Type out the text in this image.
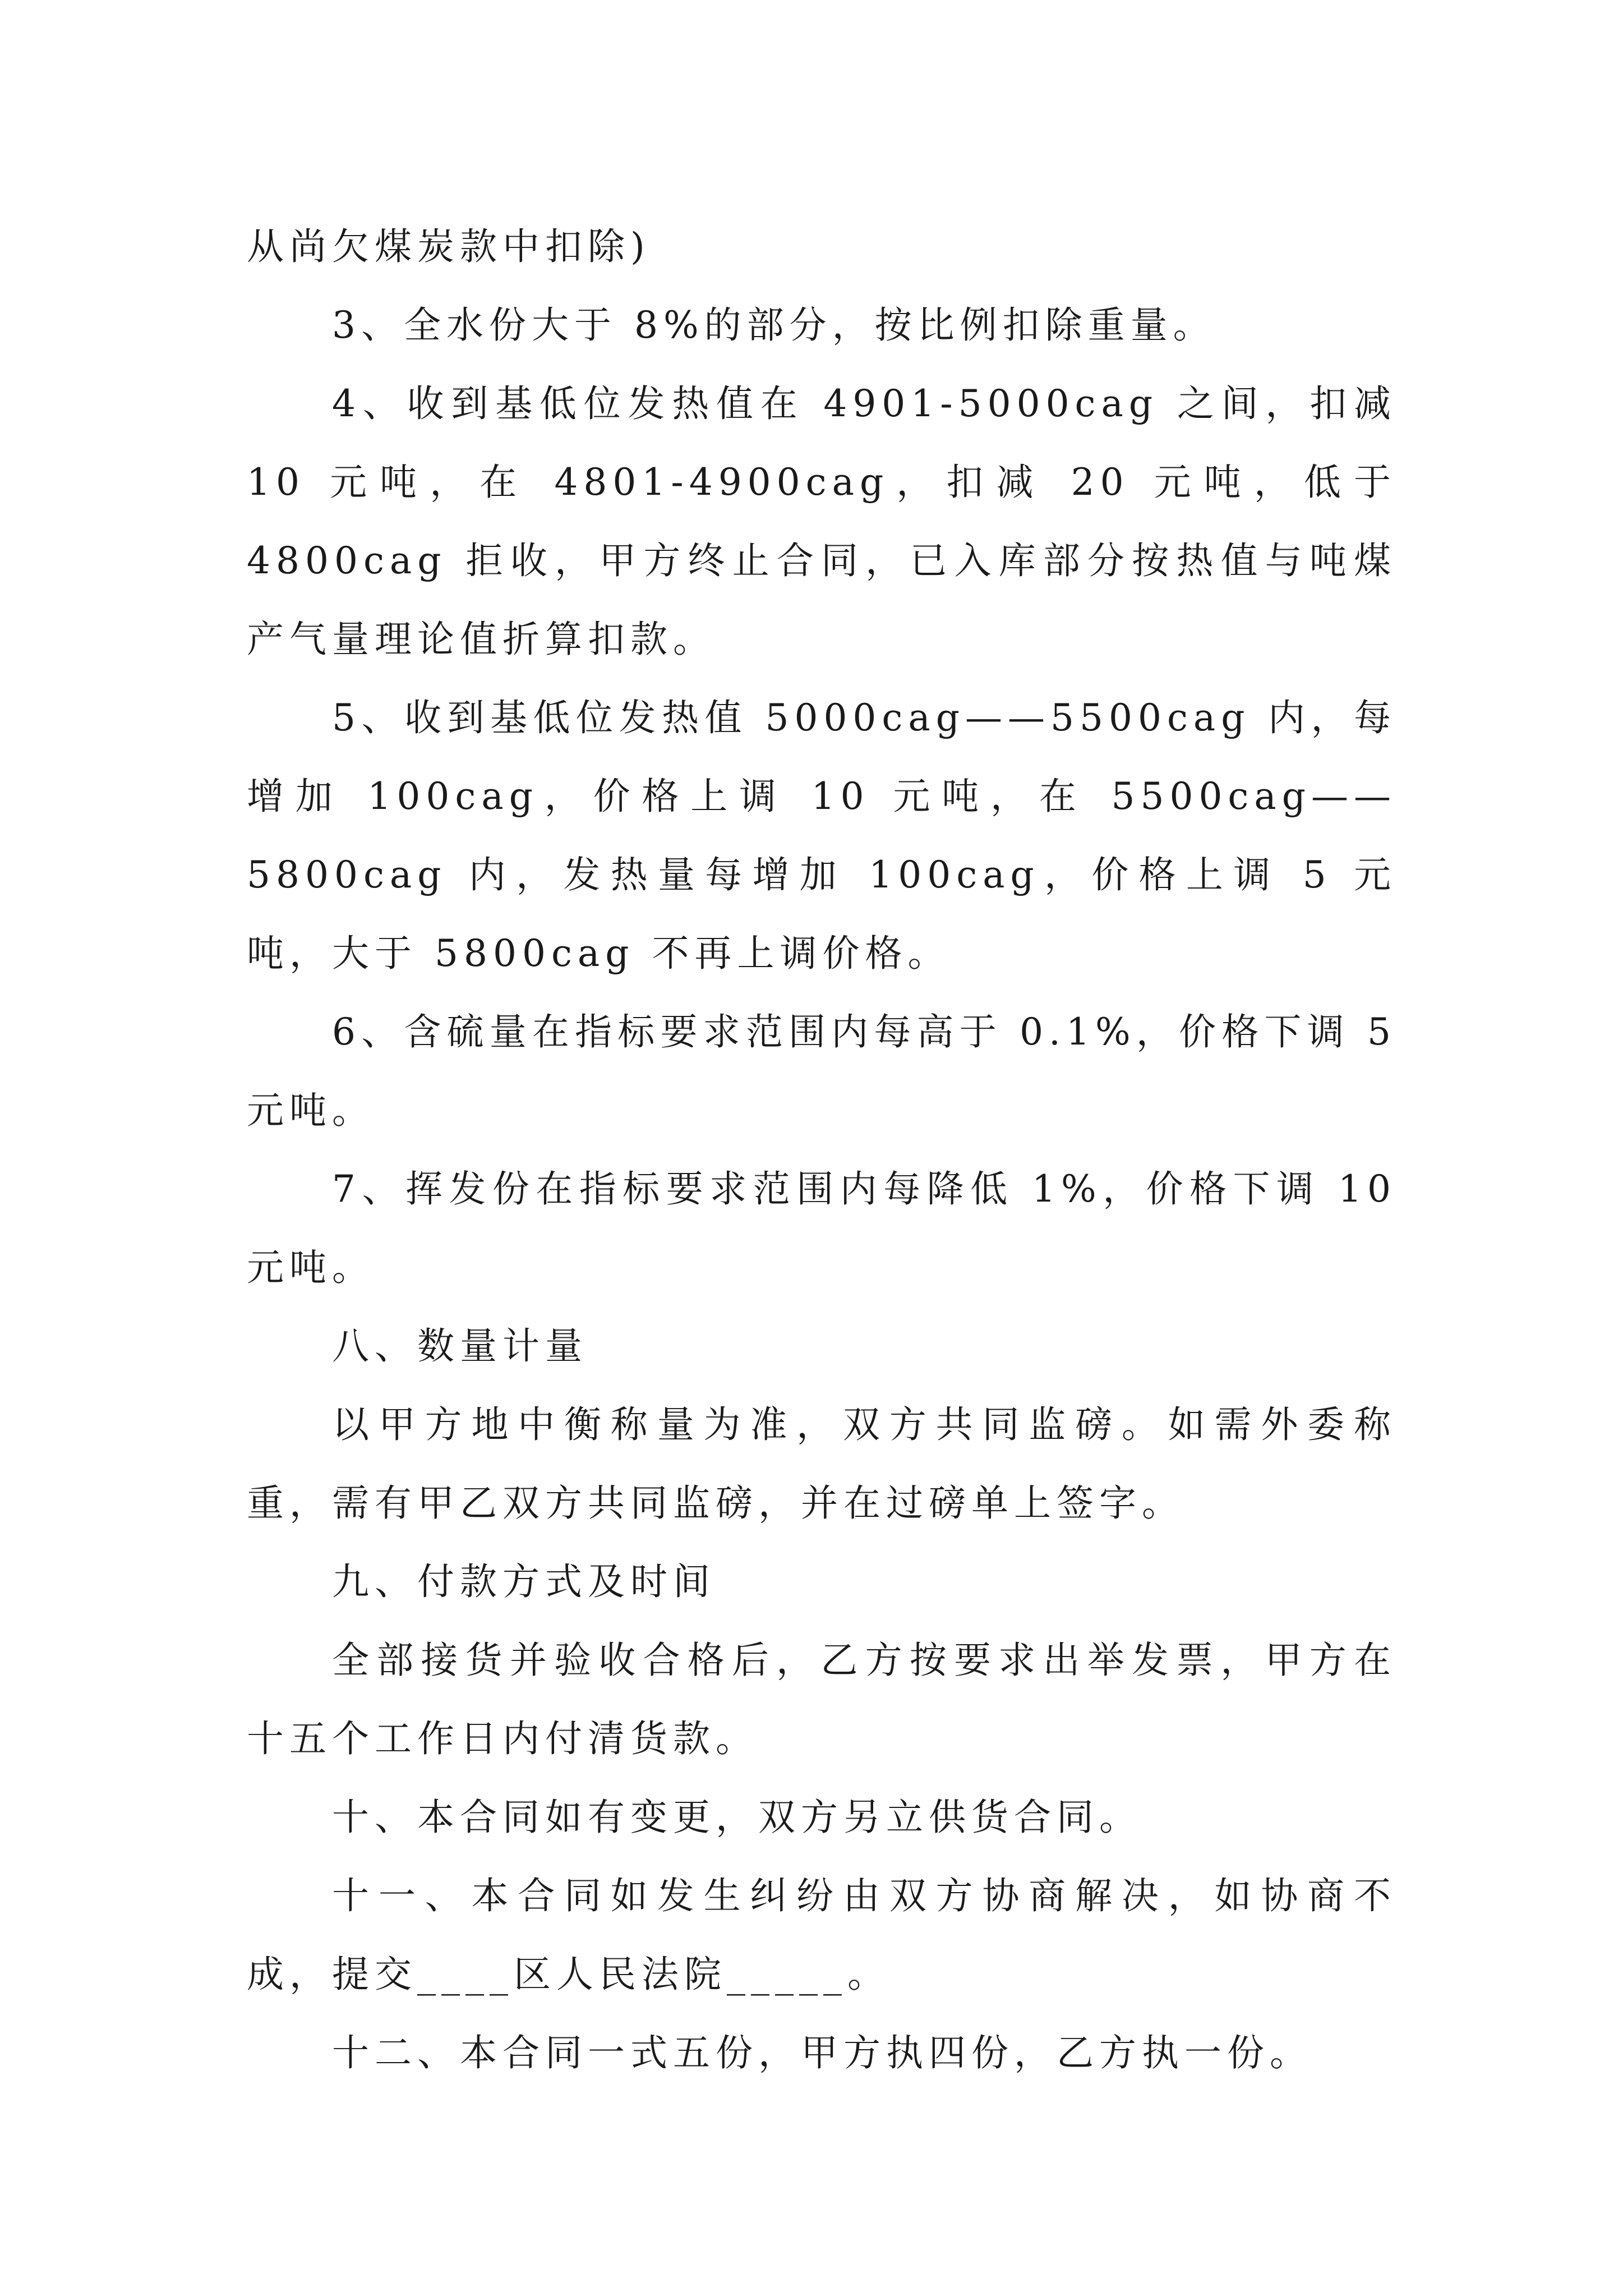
从尚欠煤炭款中扣除)

3、全水份大于 8%的部分，按比例扣除重量。

4、收到基低位发热值在 4901-5000cag 之间，扣减 10 元吨，在 4801-4900cag，扣减 20 元吨，低于 4800cag 拒收，甲方终止合同，已入库部分按热值与吨煤产气量理论值折算扣款。

5、收到基低位发热值 5000cag——5500cag 内，每增加 100cag，价格上调 10 元吨，在 5500cag——5800cag 内，发热量每增加 100cag，价格上调 5 元吨，大于 5800cag 不再上调价格。

6、含硫量在指标要求范围内每高于 0.1%，价格下调 5 元吨。

7、挥发份在指标要求范围内每降低 1%，价格下调 10 元吨。

八、数量计量

以甲方地中衡称量为准，双方共同监磅。如需外委称重，需有甲乙双方共同监磅，并在过磅单上签字。

九、付款方式及时间

全部接货并验收合格后，乙方按要求出举发票，甲方在十五个工作日内付清货款。

十、本合同如有变更，双方另立供货合同。

十一、本合同如发生纠纷由双方协商解决，如协商不成，提交____区人民法院_____。

十二、本合同一式五份，甲方执四份，乙方执一份。
